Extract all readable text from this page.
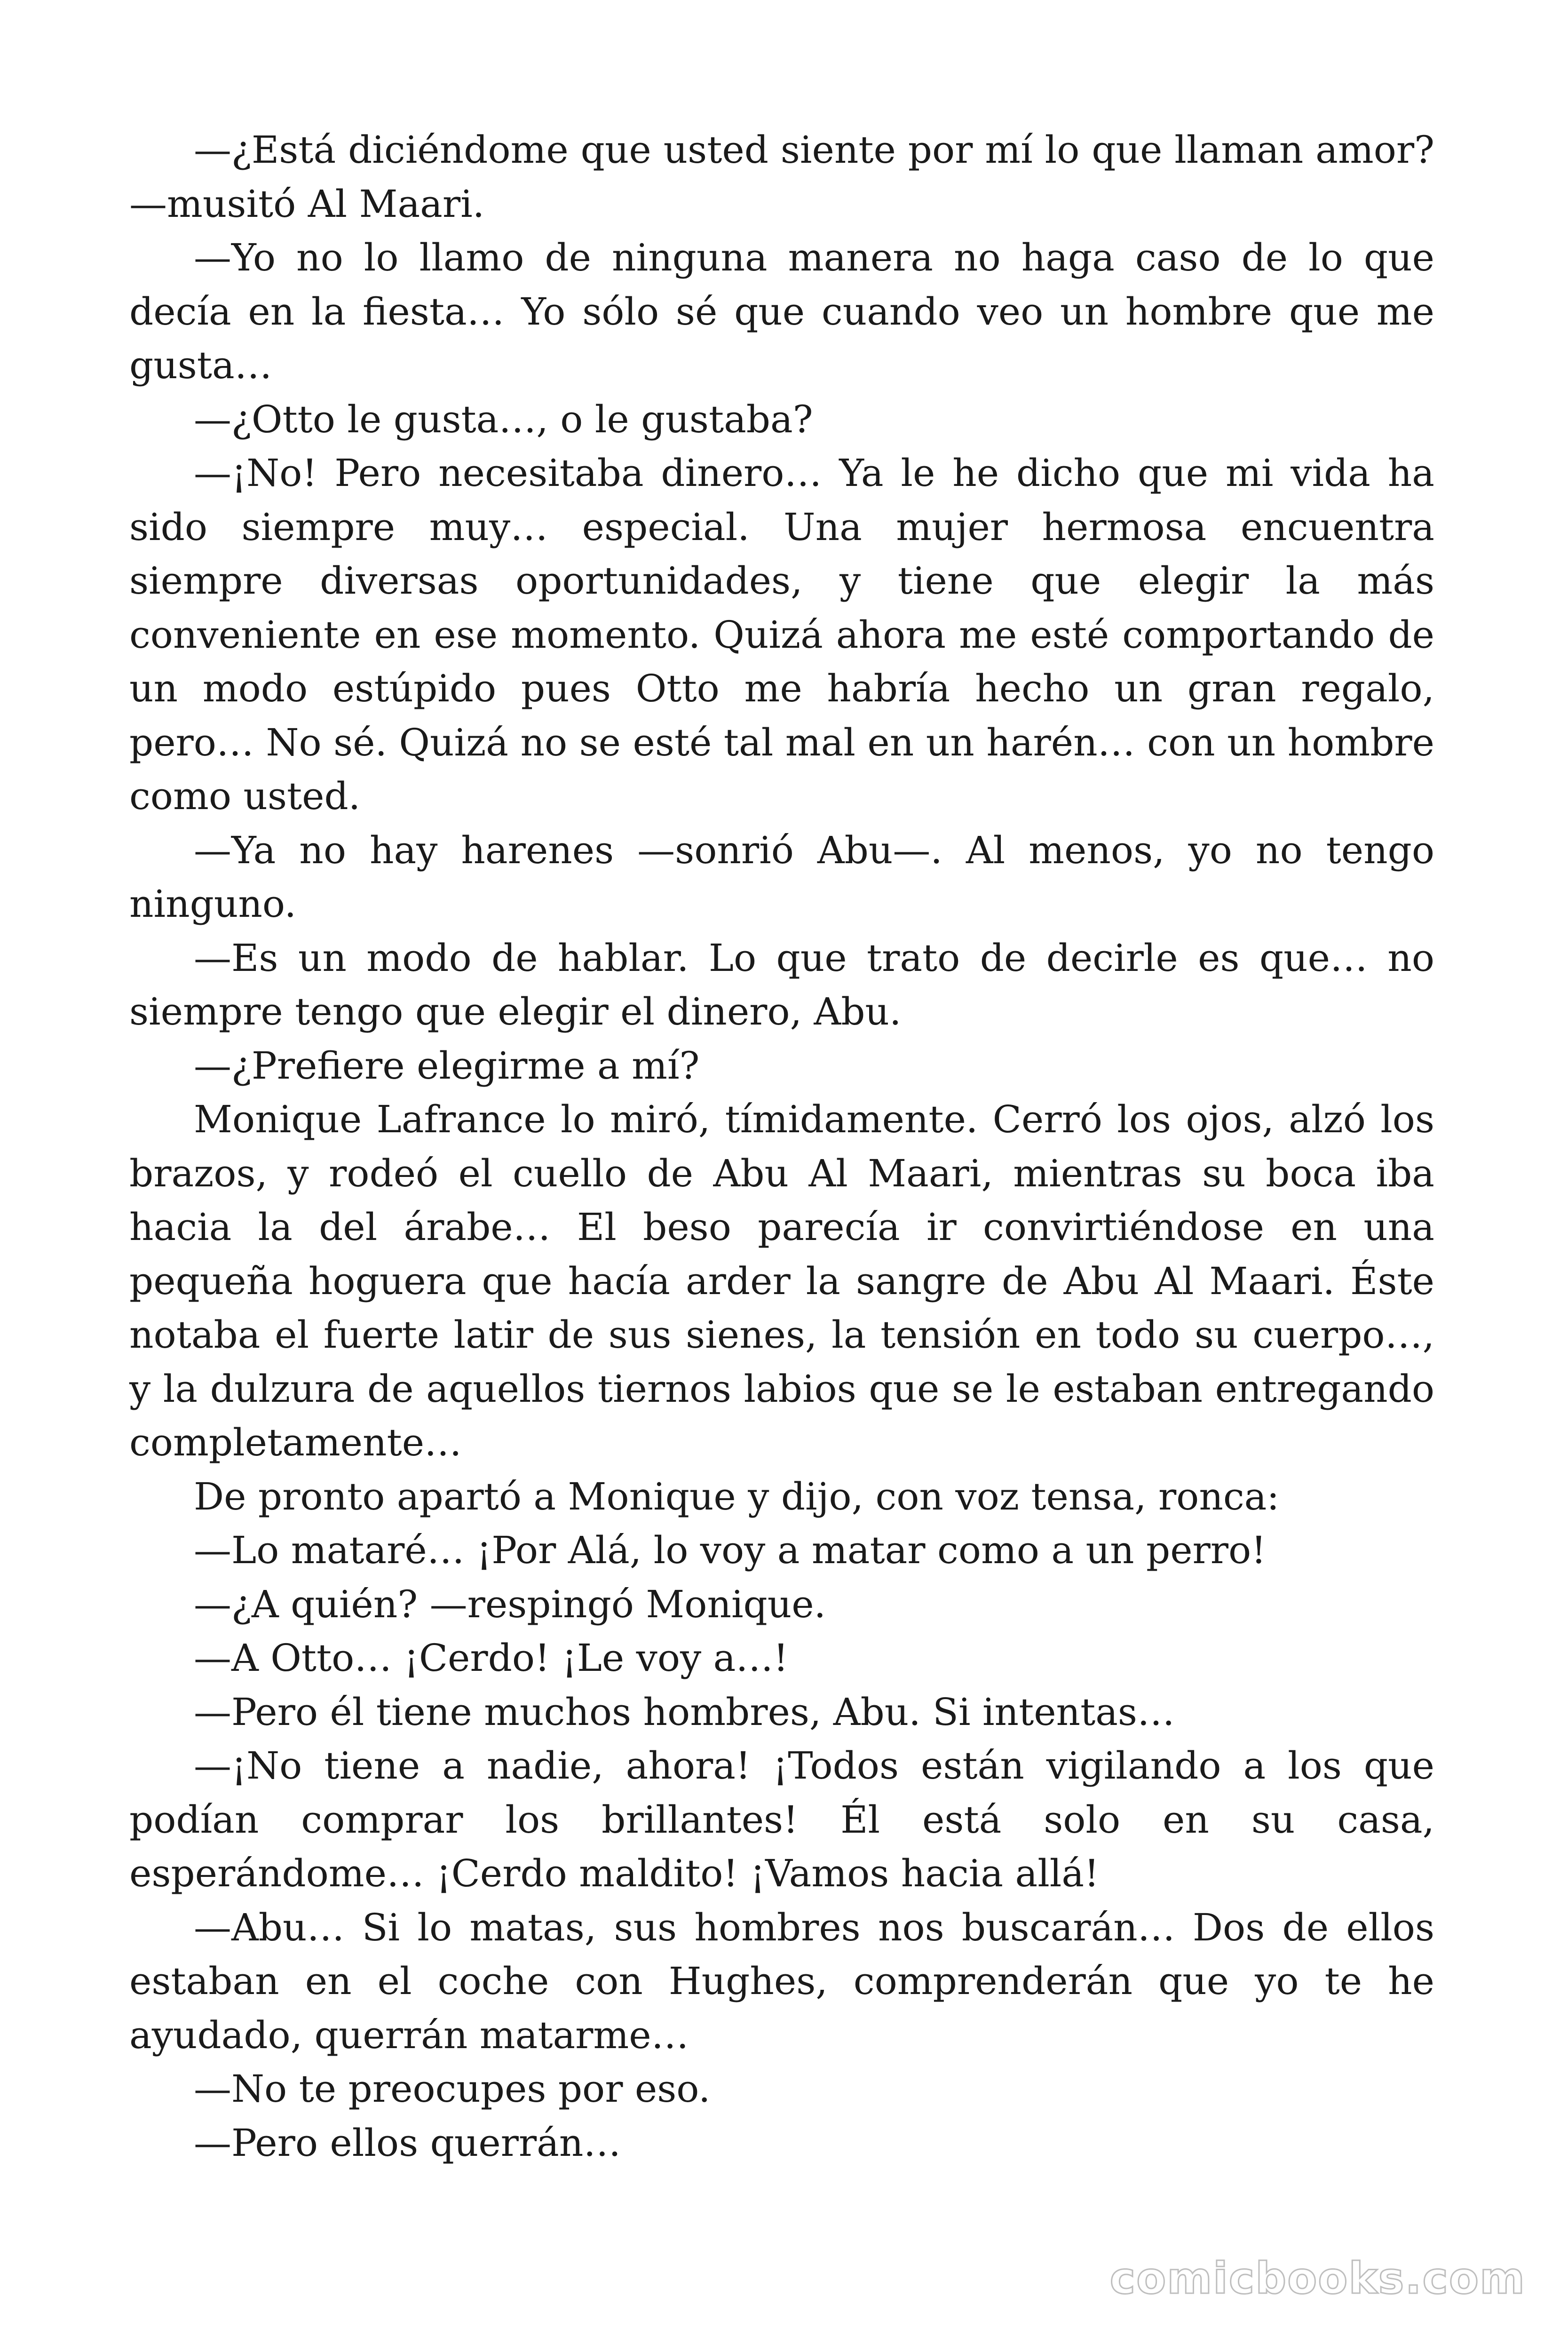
—¿Está diciéndome que usted siente por mí lo que llaman amor? —musitó Al Maari.

—Yo no lo llamo de ninguna manera no haga caso de lo que decía en la fiesta… Yo sólo sé que cuando veo un hombre que me gusta…

—¿Otto le gusta…, o le gustaba?

—¡No! Pero necesitaba dinero… Ya le he dicho que mi vida ha sido siempre muy… especial. Una mujer hermosa encuentra siempre diversas oportunidades, y tiene que elegir la más conveniente en ese momento. Quizá ahora me esté comportando de un modo estúpido pues Otto me habría hecho un gran regalo, pero… No sé. Quizá no se esté tal mal en un harén… con un hombre como usted.

—Ya no hay harenes —sonrió Abu—. Al menos, yo no tengo ninguno.

—Es un modo de hablar. Lo que trato de decirle es que… no siempre tengo que elegir el dinero, Abu.

—¿Prefiere elegirme a mí?

Monique Lafrance lo miró, tímidamente. Cerró los ojos, alzó los brazos, y rodeó el cuello de Abu Al Maari, mientras su boca iba hacia la del árabe… El beso parecía ir convirtiéndose en una pequeña hoguera que hacía arder la sangre de Abu Al Maari. Éste notaba el fuerte latir de sus sienes, la tensión en todo su cuerpo…, y la dulzura de aquellos tiernos labios que se le estaban entregando completamente…

De pronto apartó a Monique y dijo, con voz tensa, ronca:

—Lo mataré… ¡Por Alá, lo voy a matar como a un perro!

—¿A quién? —respingó Monique.

—A Otto… ¡Cerdo! ¡Le voy a…!

—Pero él tiene muchos hombres, Abu. Si intentas…

—¡No tiene a nadie, ahora! ¡Todos están vigilando a los que podían comprar los brillantes! Él está solo en su casa, esperándome… ¡Cerdo maldito! ¡Vamos hacia allá!

—Abu… Si lo matas, sus hombres nos buscarán… Dos de ellos estaban en el coche con Hughes, comprenderán que yo te he ayudado, querrán matarme…

—No te preocupes por eso.

—Pero ellos querrán…

comicbooks.com
